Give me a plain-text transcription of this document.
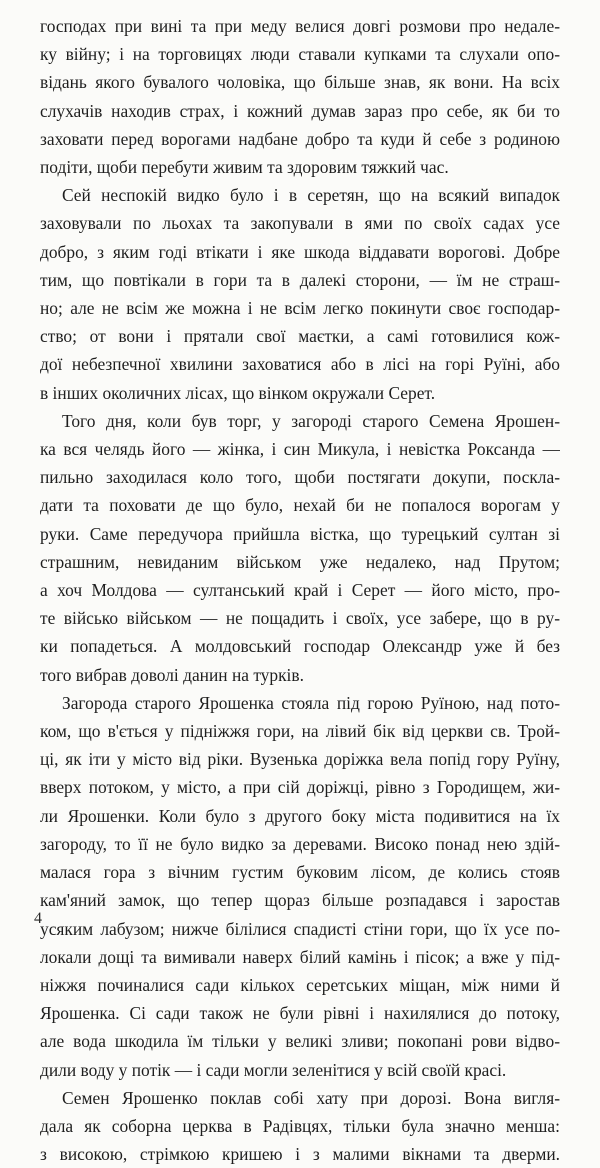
господах при вині та при меду велися довгі розмови про недале-
ку війну; і на торговицях люди ставали купками та слухали опо-
відань якого бувалого чоловіка, що більше знав, як вони. На всіх
слухачів находив страх, і кожний думав зараз про себе, як би то
заховати перед ворогами надбане добро та куди й себе з родиною
подіти, щоби перебути живим та здоровим тяжкий час.

Сей неспокій видко було і в серетян, що на всякий випадок
заховували по льохах та закопували в ями по своїх садах усе
добро, з яким годі втікати і яке шкода віддавати ворогові. Добре
тим, що повтікали в гори та в далекі сторони, — їм не страш-
но; але не всім же можна і не всім легко покинути своє господар-
ство; от вони і прятали свої маєтки, а самі готовилися кож-
дої небезпечної хвилини заховатися або в лісі на горі Руїні, або
в інших околичних лісах, що вінком окружали Серет.

Того дня, коли був торг, у загороді старого Семена Ярошен-
ка вся челядь його — жінка, і син Микула, і невістка Роксанда —
пильно заходилася коло того, щоби постягати докупи, поскла-
дати та поховати де що було, нехай би не попалося ворогам у
руки. Саме передучора прийшла вістка, що турецький султан зі
страшним, невиданим військом уже недалеко, над Прутом;
а хоч Молдова — султанський край і Серет — його місто, про-
те військо військом — не пощадить і своїх, усе забере, що в ру-
ки попадеться. А молдовський господар Олександр уже й без
того вибрав доволі данин на турків.

Загорода старого Ярошенка стояла під горою Руїною, над пото-
ком, що в'ється у підніжжя гори, на лівий бік від церкви св. Трой-
ці, як іти у місто від ріки. Вузенька доріжка вела попід гору Руїну,
вверх потоком, у місто, а при сій доріжці, рівно з Городищем, жи-
ли Ярошенки. Коли було з другого боку міста подивитися на їх
загороду, то її не було видко за деревами. Високо понад нею здій-
малася гора з вічним густим буковим лісом, де колись стояв
кам'яний замок, що тепер щораз більше розпадався і заростав
усяким лабузом; нижче білілися спадисті стіни гори, що їх усе по-
локали дощі та вимивали наверх білий камінь і пісок; а вже у під-
ніжжя починалися сади кількох серетських міщан, між ними й
Ярошенка. Сі сади також не були рівні і нахилялися до потоку,
але вода шкодила їм тільки у великі зливи; покопані рови відво-
дили воду у потік — і сади могли зеленітися у всій своїй красі.

Семен Ярошенко поклав собі хату при дорозі. Вона вигля-
дала як соборна церква в Радівцях, тільки була значно менша:
з високою, стрімкою кришею і з малими вікнами та дверми.

4
